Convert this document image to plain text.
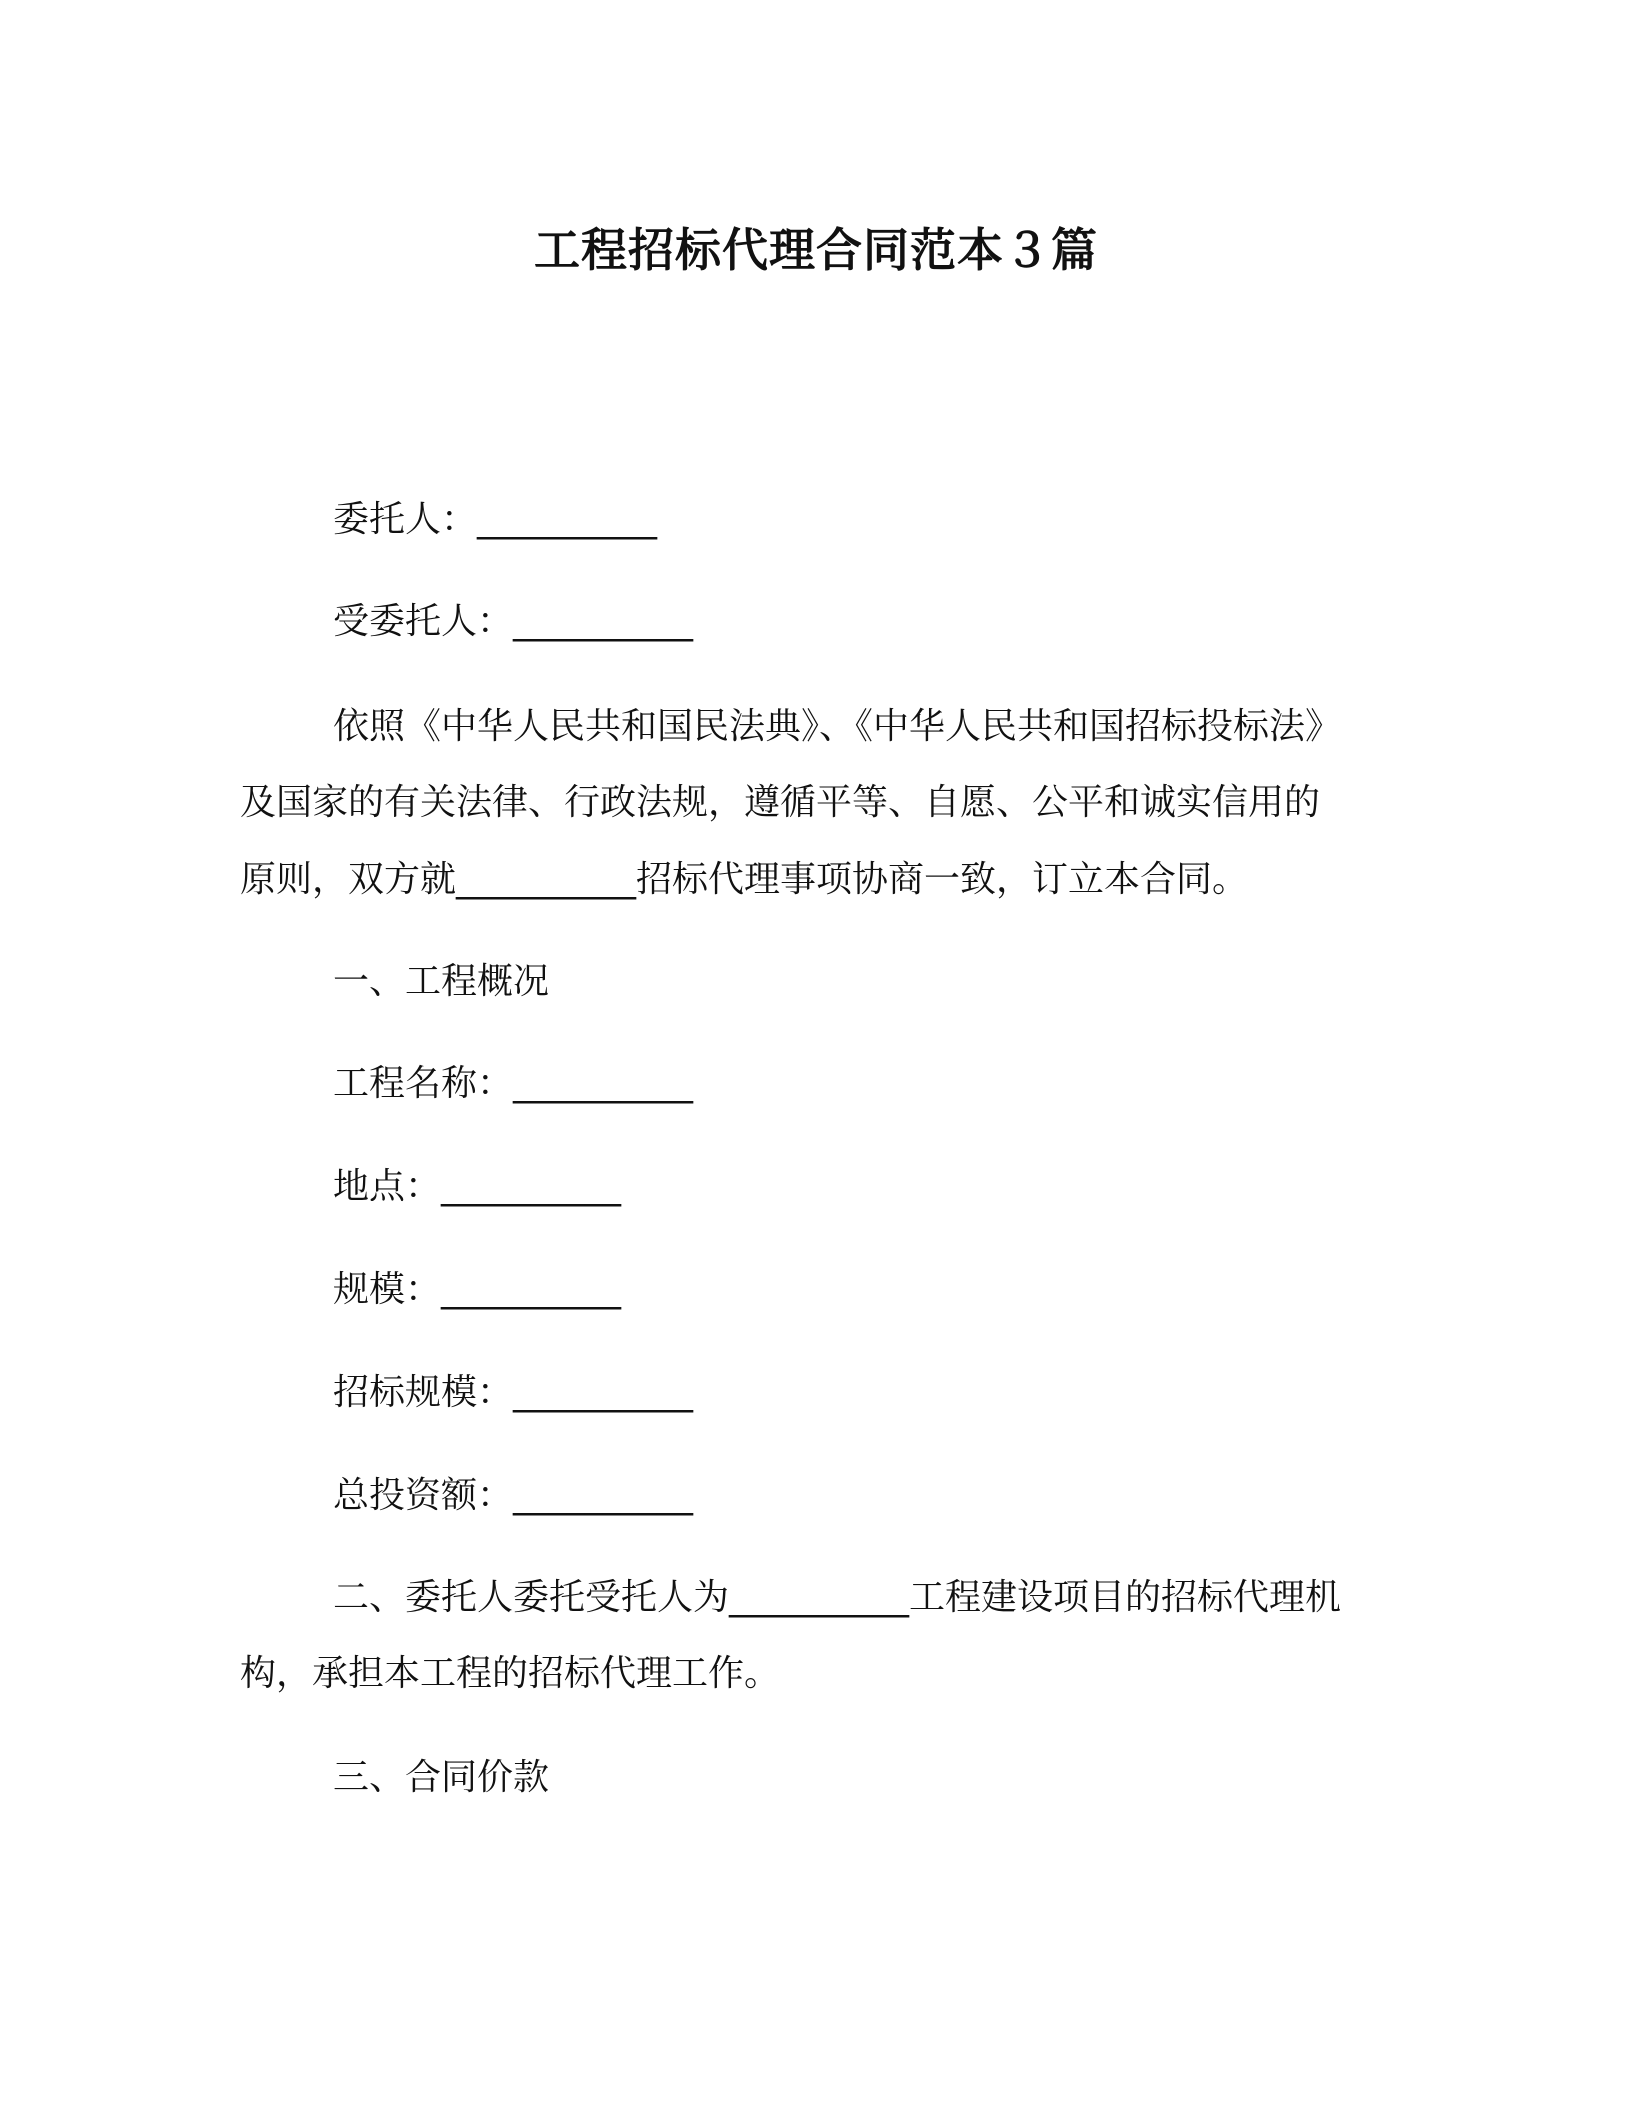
工程招标代理合同范本３篇
委托人：__________
受委托人：__________
依照《中华人民共和国民法典》、《中华人民共和国招标投标法》
及国家的有关法律、行政法规，遵循平等、自愿、公平和诚实信用的
原则，双方就__________招标代理事项协商一致，订立本合同。
一、工程概况
工程名称：__________
地点：__________
规模：__________
招标规模：__________
总投资额：__________
二、委托人委托受托人为__________工程建设项目的招标代理机
构，承担本工程的招标代理工作。
三、合同价款
